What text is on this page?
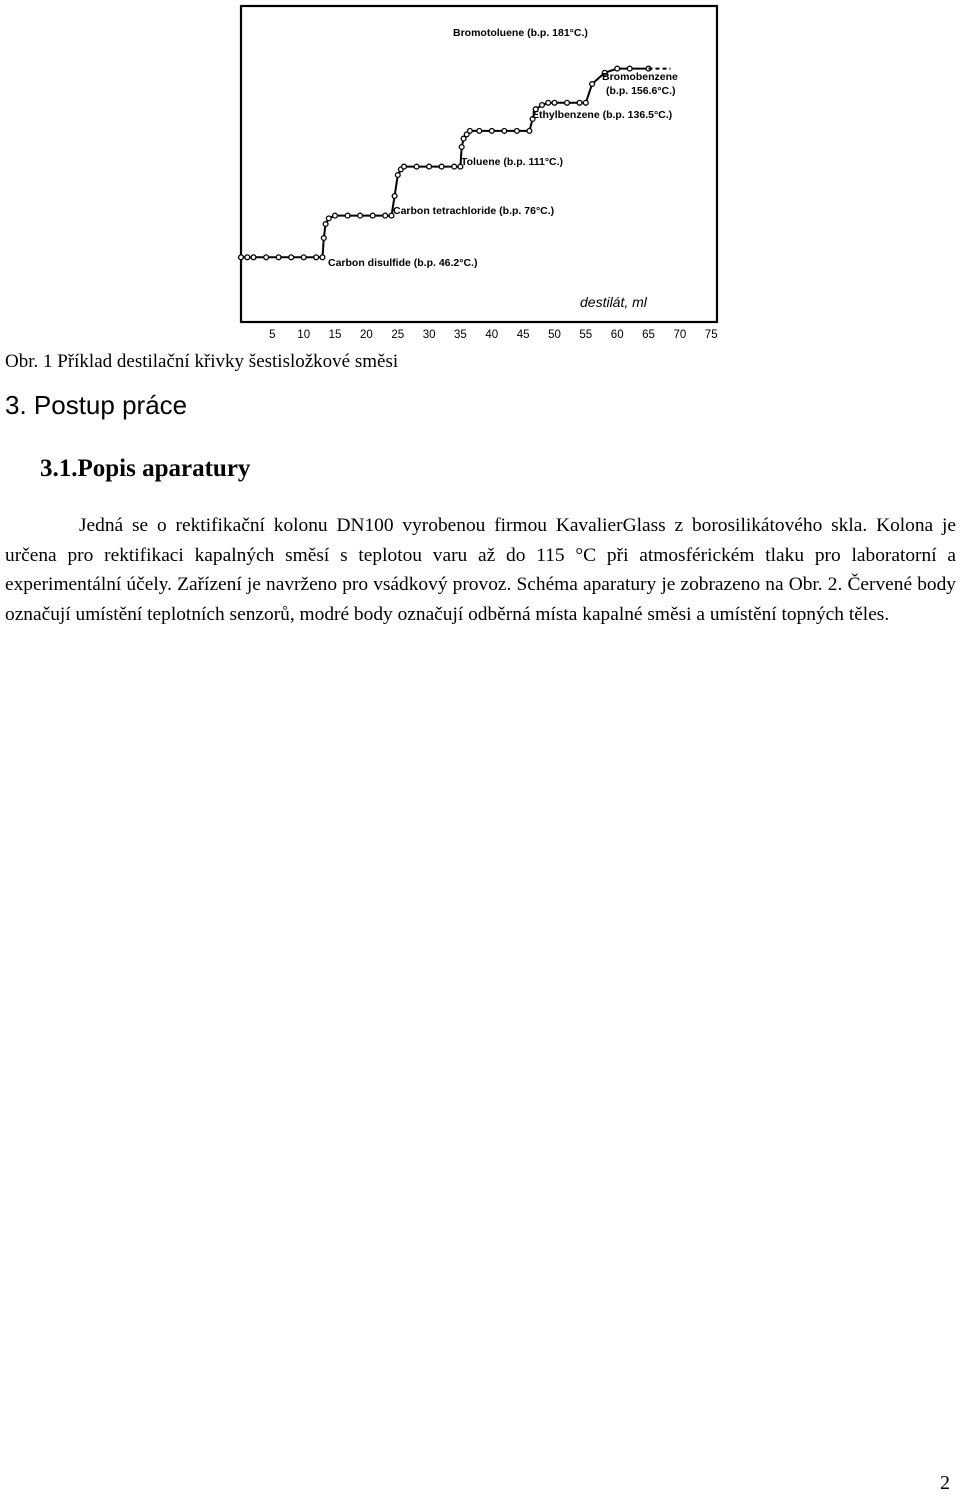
Carbon disulfide (b.p. 46.2°C.)
Carbon tetrachloride (b.p. 76°C.)
Toluene (b.p. 111°C.)
Ethylbenzene (b.p. 136.5°C.)
Bromobenzene
(b.p. 156.6°C.)
Bromotoluene (b.p. 181°C.)
5 10 15 20 25 30 35 40 45 50 55 60 65 70 75
destilát, ml

Obr. 1 Příklad destilační křivky šestisložkové směsi

3. Postup práce
3.1.Popis aparatury

Jedná se o rektifikační kolonu DN100 vyrobenou firmou KavalierGlass z borosilikátového skla. Kolona je určena pro rektifikaci kapalných směsí s teplotou varu až do 115 °C při atmosférickém tlaku pro laboratorní a experimentální účely. Zařízení je navrženo pro vsádkový provoz. Schéma aparatury je zobrazeno na Obr. 2. Červené body označují umístění teplotních senzorů, modré body označují odběrná místa kapalné směsi a umístění topných těles.

2
